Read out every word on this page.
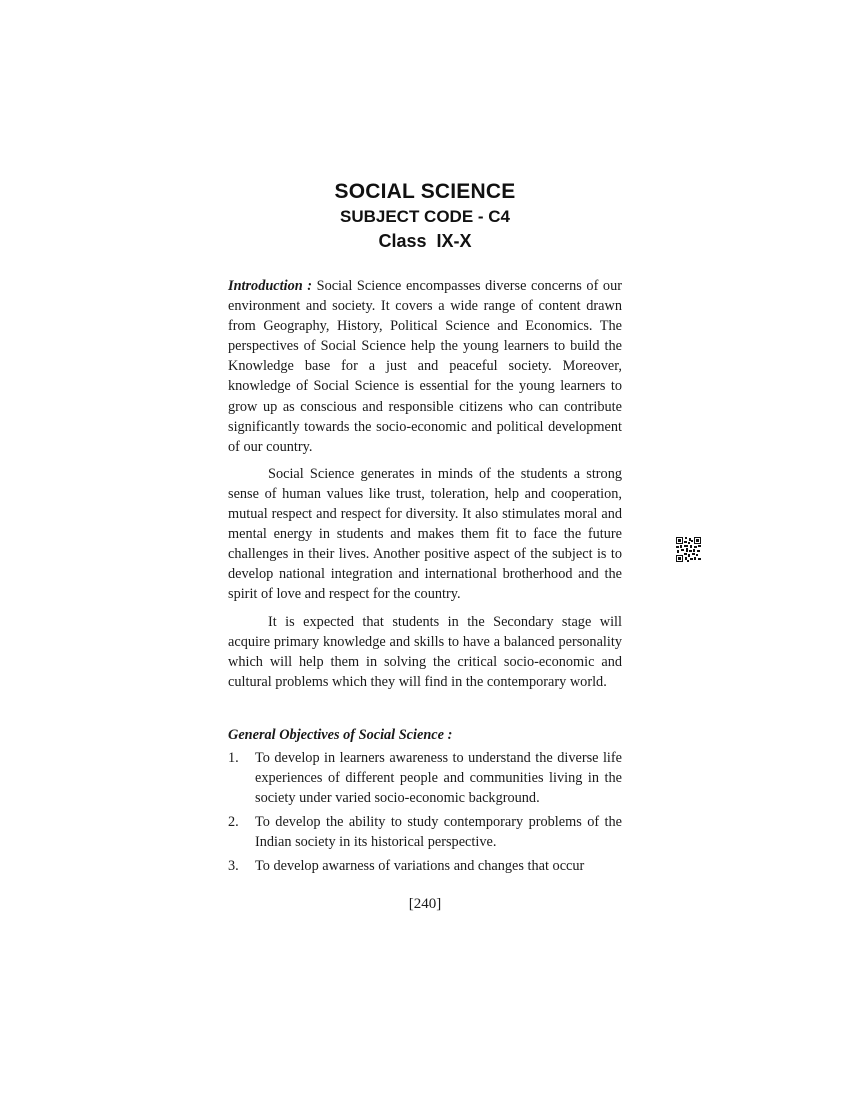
SOCIAL SCIENCE
SUBJECT CODE - C4
Class  IX-X

Introduction : Social Science encompasses diverse concerns of our environment and society. It covers a wide range of content drawn from Geography, History, Political Science and Economics. The perspectives of Social Science help the young learners to build the Knowledge base for a just and peaceful society. Moreover, knowledge of Social Science is essential for the young learners to grow up as conscious and responsible citizens who can contribute significantly towards the socio-economic and political development of our country.

Social Science generates in minds of the students a strong sense of human values like trust, toleration, help and cooperation, mutual respect and respect for diversity. It also stimulates moral and mental energy in students and makes them fit to face the future challenges in their lives. Another positive aspect of the subject is to develop national integration and international brotherhood and the spirit of love and respect for the country.

It is expected that students in the Secondary stage will acquire primary knowledge and skills to have a balanced personality which will help them in solving the critical socio-economic and cultural problems which they will find in the contemporary world.

General Objectives of Social Science :
1.	To develop in learners awareness to understand the diverse life experiences of different people and communities living in the society under varied socio-economic background.
2.	To develop the ability to study contemporary problems of the Indian society in its historical perspective.
3.	To develop awarness of variations and changes that occur
[240]
